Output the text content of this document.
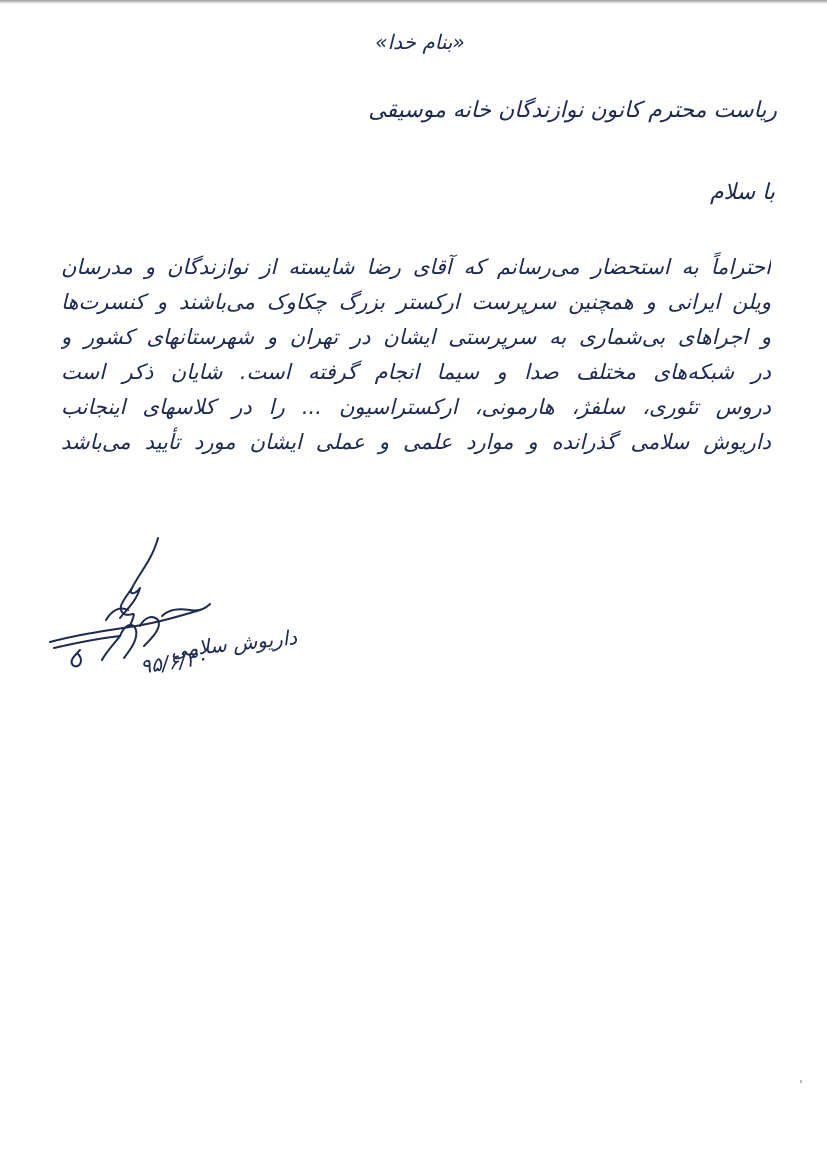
«بنام خدا»
ریاست محترم کانون نوازندگان خانه موسیقی
با سلام
احتراماً به استحضار می‌رسانم که آقای رضا شایسته از نوازندگان و مدرسان
ویلن ایرانی و همچنین سرپرست ارکستر بزرگ چکاوک می‌باشند و کنسرت‌ها
و اجراهای بی‌شماری به سرپرستی ایشان در تهران و شهرستانهای کشور و
در شبکه‌های مختلف صدا و سیما انجام گرفته است. شایان ذکر است
دروس تئوری، سلفژ، هارمونی، ارکستراسیون ... را در کلاسهای اینجانب
داریوش سلامی گذرانده و موارد علمی و عملی ایشان مورد تأیید می‌باشد
داریوش سلامی
۹۵/۶/۳۰
